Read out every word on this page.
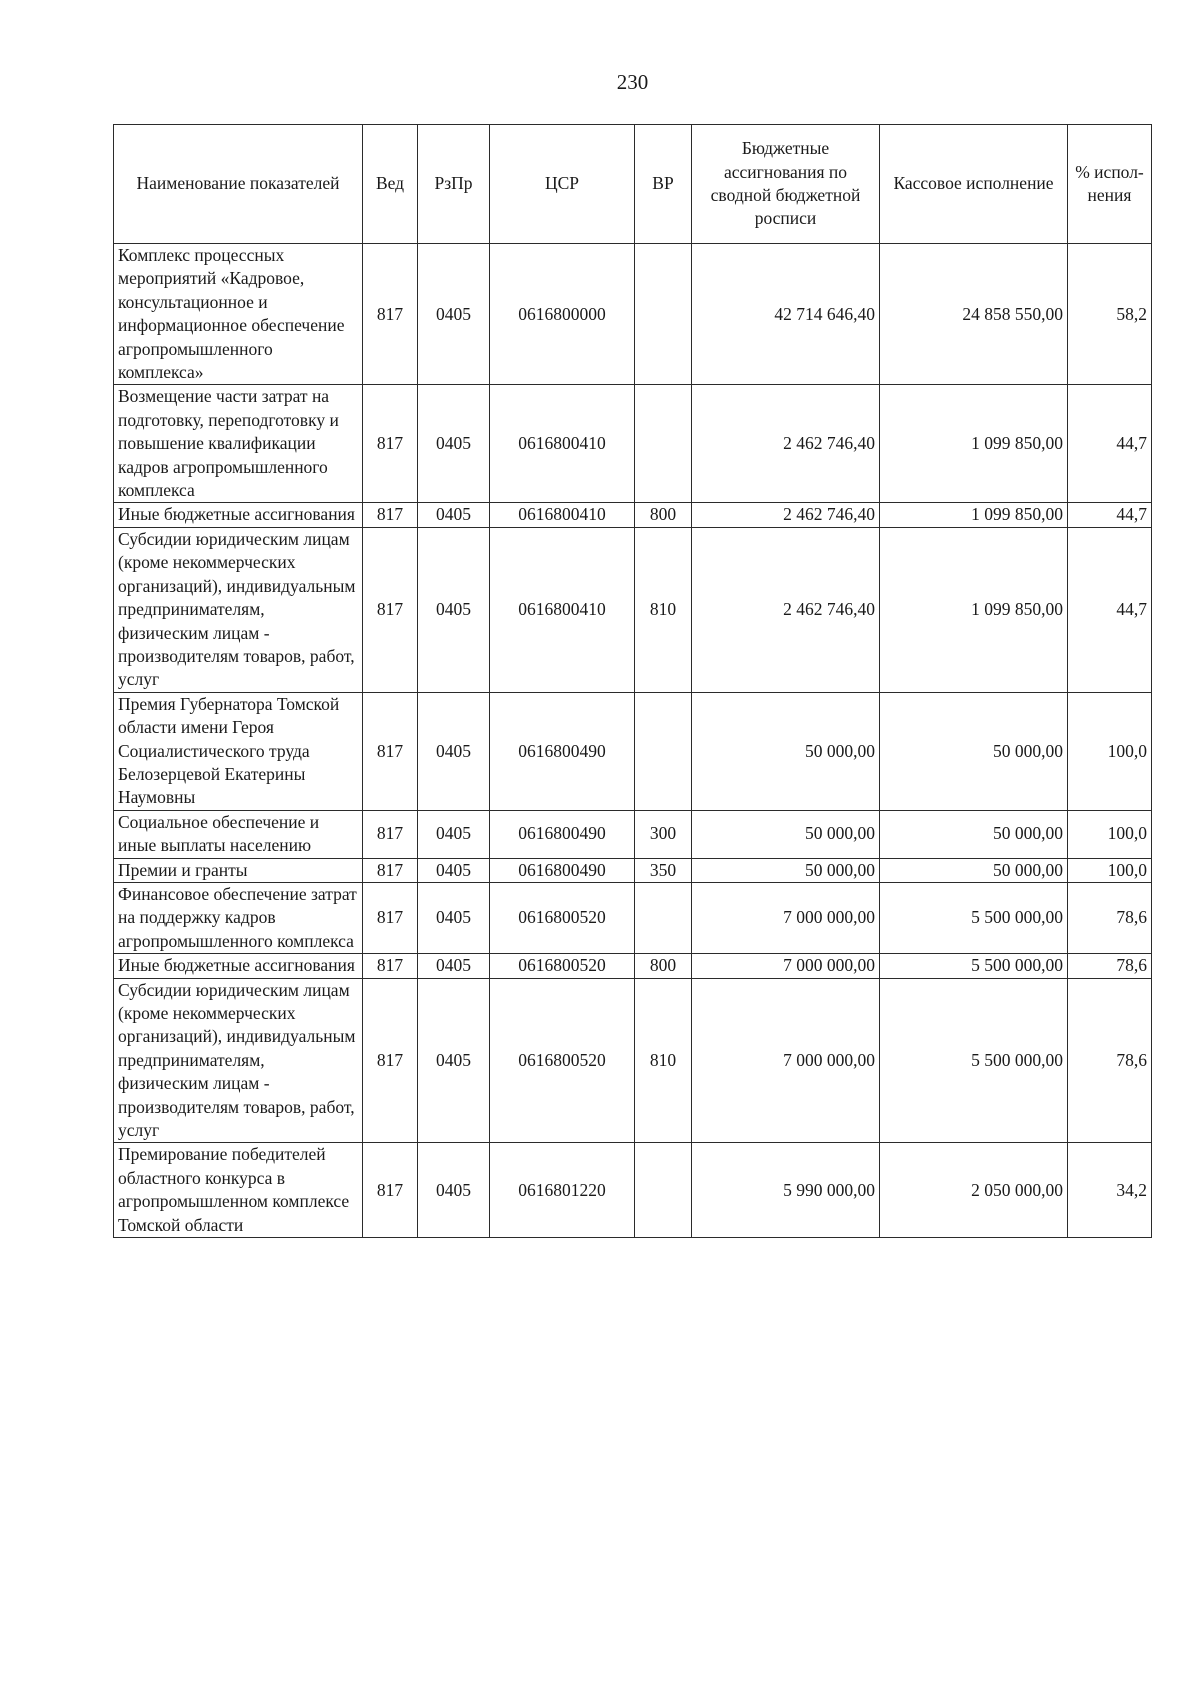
230
Наименование показателей	Вед	РзПр	ЦСР	ВР	Бюджетные ассигнования по сводной бюджетной росписи	Кассовое исполнение	% испол-нения
Комплекс процессных мероприятий «Кадровое, консультационное и информационное обеспечение агропромышленного комплекса»	817	0405	0616800000		42 714 646,40	24 858 550,00	58,2
Возмещение части затрат на подготовку, переподготовку и повышение квалификации кадров агропромышленного комплекса	817	0405	0616800410		2 462 746,40	1 099 850,00	44,7
Иные бюджетные ассигнования	817	0405	0616800410	800	2 462 746,40	1 099 850,00	44,7
Субсидии юридическим лицам (кроме некоммерческих организаций), индивидуальным предпринимателям, физическим лицам - производителям товаров, работ, услуг	817	0405	0616800410	810	2 462 746,40	1 099 850,00	44,7
Премия Губернатора Томской области имени Героя Социалистического труда Белозерцевой Екатерины Наумовны	817	0405	0616800490		50 000,00	50 000,00	100,0
Социальное обеспечение и иные выплаты населению	817	0405	0616800490	300	50 000,00	50 000,00	100,0
Премии и гранты	817	0405	0616800490	350	50 000,00	50 000,00	100,0
Финансовое обеспечение затрат на поддержку кадров агропромышленного комплекса	817	0405	0616800520		7 000 000,00	5 500 000,00	78,6
Иные бюджетные ассигнования	817	0405	0616800520	800	7 000 000,00	5 500 000,00	78,6
Субсидии юридическим лицам (кроме некоммерческих организаций), индивидуальным предпринимателям, физическим лицам - производителям товаров, работ, услуг	817	0405	0616800520	810	7 000 000,00	5 500 000,00	78,6
Премирование победителей областного конкурса в агропромышленном комплексе Томской области	817	0405	0616801220		5 990 000,00	2 050 000,00	34,2
